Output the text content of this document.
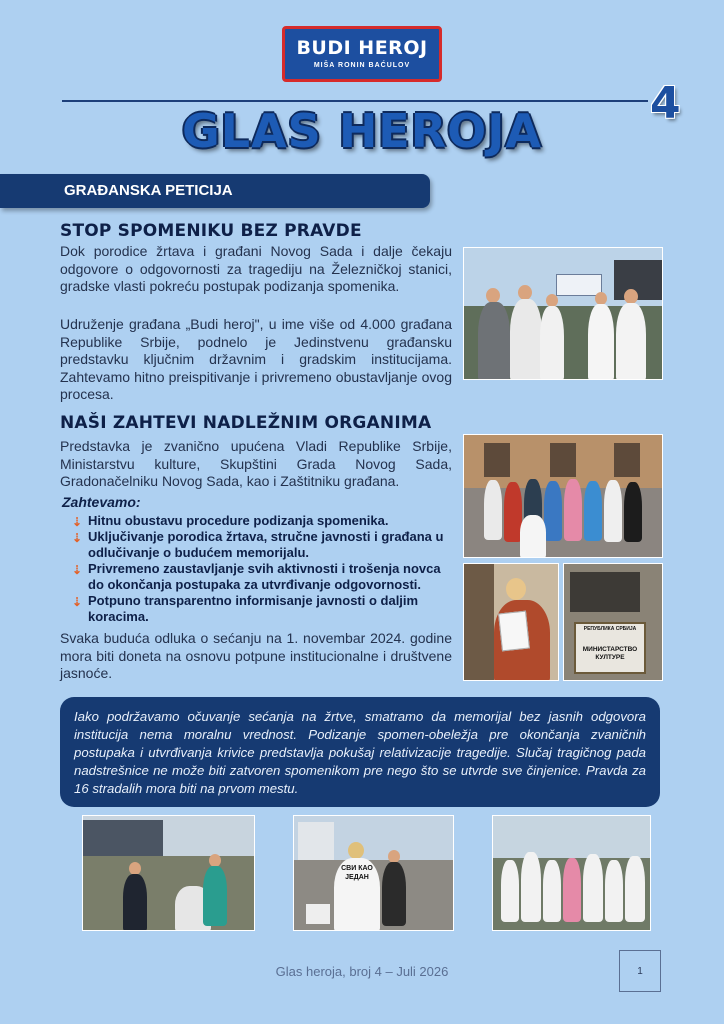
BUDI HEROJ
MIŠA RONIN BAĆULOV
4
GLAS HEROJA
GRAĐANSKA PETICIJA
STOP SPOMENIKU BEZ PRAVDE

Dok porodice žrtava i građani Novog Sada i dalje čekaju odgovore o odgovornosti za tragediju na Železničkoj stanici, gradske vlasti pokreću postupak podizanja spomenika.

Udruženje građana „Budi heroj", u ime više od 4.000 građana Republike Srbije, podnelo je Jedinstvenu građansku predstavku ključnim državnim i gradskim institucijama. Zahtevamo hitno preispitivanje i privremeno obustavljanje ovog procesa.

NAŠI ZAHTEVI NADLEŽNIM ORGANIMA

Predstavka je zvanično upućena Vladi Republike Srbije, Ministarstvu kulture, Skupštini Grada Novog Sada, Gradonačelniku Novog Sada, kao i Zaštitniku građana.

Zahtevamo:
⇣ Hitnu obustavu procedure podizanja spomenika.
⇣ Uključivanje porodica žrtava, stručne javnosti i građana u odlučivanje o budućem memorijalu.
⇣ Privremeno zaustavljanje svih aktivnosti i trošenja novca do okončanja postupaka za utvrđivanje odgovornosti.
⇣ Potpuno transparentno informisanje javnosti o daljim koracima.

Svaka buduća odluka o sećanju na 1. novembar 2024. godine mora biti doneta na osnovu potpune institucionalne i društvene jasnoće.

РЕПУБЛИКА СРБИЈА
МИНИСТАРСТВО КУЛТУРЕ
Iako podržavamo očuvanje sećanja na žrtve, smatramo da memorijal bez jasnih odgovora institucija nema moralnu vrednost. Podizanje spomen-obeležja pre okončanja zvaničnih postupaka i utvrđivanja krivice predstavlja pokušaj relativizacije tragedije. Slučaj tragičnog pada nadstrešnice ne može biti zatvoren spomenikom pre nego što se utvrde sve činjenice. Pravda za 16 stradalih mora biti na prvom mestu.
СВИ КАО ЈЕДАН
Glas heroja, broj 4 – Juli 2026	1
